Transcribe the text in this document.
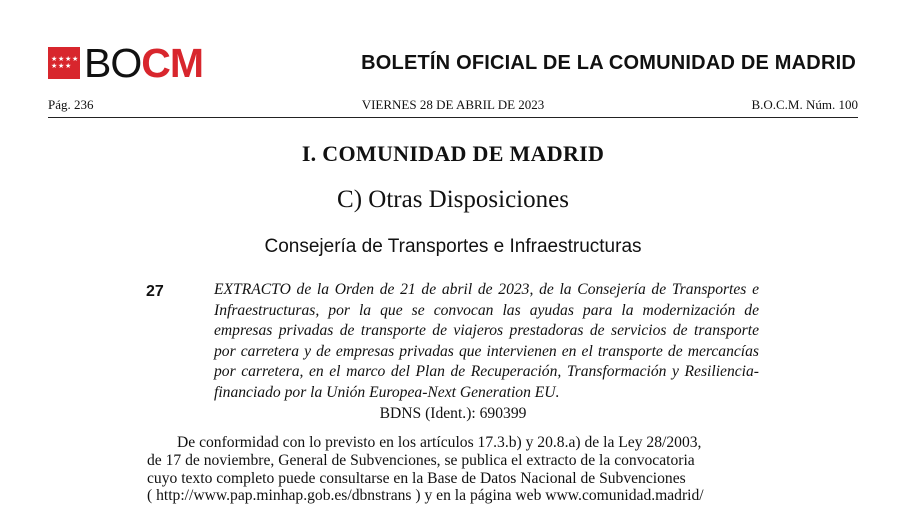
★ ★ ★ ★
★ ★ ★ BOCM	BOLETÍN OFICIAL DE LA COMUNIDAD DE MADRID
VIERNES 28 DE ABRIL DE 2023
Pág. 236	B.O.C.M. Núm. 100
I. COMUNIDAD DE MADRID
C) Otras Disposiciones
Consejería de Transportes e Infraestructuras
27	EXTRACTO de la Orden de 21 de abril de 2023, de la Consejería de Transportes e Infraestructuras, por la que se convocan las ayudas para la modernización de empresas privadas de transporte de viajeros prestadoras de servicios de transporte por carretera y de empresas privadas que intervienen en el transporte de mercancías por carretera, en el marco del Plan de Recuperación, Transformación y Resiliencia-financiado por la Unión Europea-Next Generation EU.

BDNS (Ident.): 690399

De conformidad con lo previsto en los artículos 17.3.b) y 20.8.a) de la Ley 28/2003,
de 17 de noviembre, General de Subvenciones, se publica el extracto de la convocatoria
cuyo texto completo puede consultarse en la Base de Datos Nacional de Subvenciones
( http://www.pap.minhap.gob.es/dbnstrans ) y en la página web www.comunidad.madrid/
